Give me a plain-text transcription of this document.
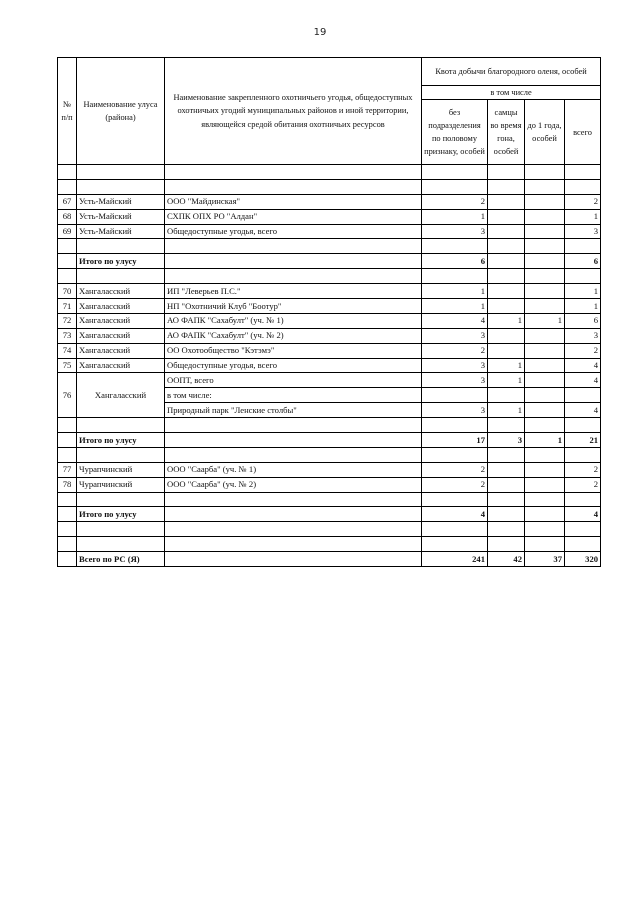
19
№ п/п	Наименование улуса (района)	Наименование закрепленного охотничьего угодья, общедоступных охотничьих угодий муниципальных районов и иной территории, являющейся средой обитания охотничьих ресурсов	Квота добычи благородного оленя, особей			
			в том числе			
			без подразделения по половому признаку, особей	самцы во время гона, особей	до 1 года, особей	всего

67	Усть-Майский	ООО "Майдинская"	2			2
68	Усть-Майский	СХПК ОПХ РО "Алдан"	1			1
69	Усть-Майский	Общедоступные угодья, всего	3			3

	Итого по улусу		6			6

70	Хангаласский	ИП "Леверьев П.С."	1			1
71	Хангаласский	НП "Охотничий Клуб "Боотур"	1			1
72	Хангаласский	АО ФАПК "Сахабулт" (уч. № 1)	4	1	1	6
73	Хангаласский	АО ФАПК "Сахабулт" (уч. № 2)	3			3
74	Хангаласский	ОО Охотообщество "Кэтэмэ"	2			2
75	Хангаласский	Общедоступные угодья, всего	3	1		4
76	Хангаласский	ООПТ, всего	3	1		4
		в том числе:				
		Природный парк "Ленские столбы"	3	1		4

	Итого по улусу		17	3	1	21

77	Чурапчинский	ООО "Саарба" (уч. № 1)	2			2
78	Чурапчинский	ООО "Саарба" (уч. № 2)	2			2

	Итого по улусу		4			4

	Всего по РС (Я)		241	42	37	320
